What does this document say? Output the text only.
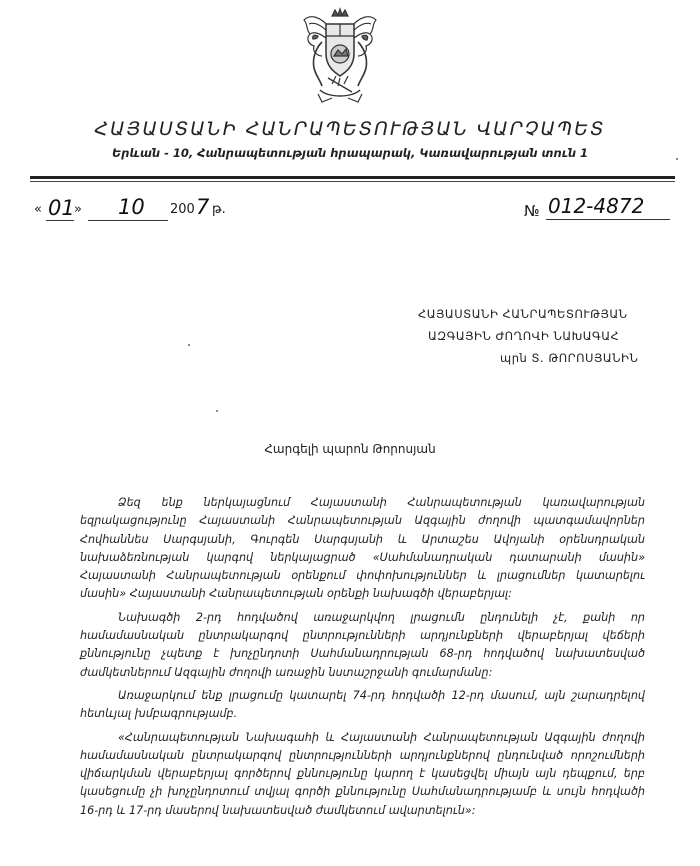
ՀԱՅԱՍՏԱՆԻ ՀԱՆՐԱՊԵՏՈՒԹՅԱՆ ՎԱՐՉԱՊԵՏ
Երևան - 10, Հանրապետության հրապարակ, Կառավարության տուն 1
« 01 » 10 200 7 թ.	№ 012-4872
ՀԱՅԱՍՏԱՆԻ ՀԱՆՐԱՊԵՏՈՒԹՅԱՆ
ԱԶԳԱՅԻՆ ԺՈՂՈՎԻ ՆԱԽԱԳԱՀ
պրն Տ. ԹՈՐՈՍՅԱՆԻՆ
Հարգելի պարոն Թորոսյան

Ձեզ ենք ներկայացնում Հայաստանի Հանրապետության կառավարության եզրակացությունը Հայաստանի Հանրապետության Ազգային ժողովի պատգամավորներ Հովհաննես Սարգսյանի, Գուրգեն Սարգսյանի և Արտաշես Ավոյանի օրենսդրական նախաձեռնության կարգով ներկայացրած «Սահմանադրական դատարանի մասին» Հայաստանի Հանրապետության օրենքում փոփոխություններ և լրացումներ կատարելու մասին» Հայաստանի Հանրապետության օրենքի նախագծի վերաբերյալ:

Նախագծի 2-րդ հոդվածով առաջարկվող լրացումն ընդունելի չէ, քանի որ համամասնական ընտրակարգով ընտրությունների արդյունքների վերաբերյալ վեճերի քննությունը չպետք է խոչընդոտի Սահմանադրության 68-րդ հոդվածով նախատեսված ժամկետներում Ազգային ժողովի առաջին նստաշրջանի գումարմանը:

Առաջարկում ենք լրացումը կատարել 74-րդ հոդվածի 12-րդ մասում, այն շարադրելով հետևյալ խմբագրությամբ.

«Հանրապետության Նախագահի և Հայաստանի Հանրապետության Ազգային ժողովի համամասնական ընտրակարգով ընտրությունների արդյունքներով ընդունված որոշումների վիճարկման վերաբերյալ գործերով քննությունը կարող է կասեցվել միայն այն դեպքում, երբ կասեցումը չի խոչընդոտում տվյալ գործի քննությունը Սահմանադրությամբ և սույն հոդվածի 16-րդ և 17-րդ մասերով նախատեսված ժամկետում ավարտելուն»:
